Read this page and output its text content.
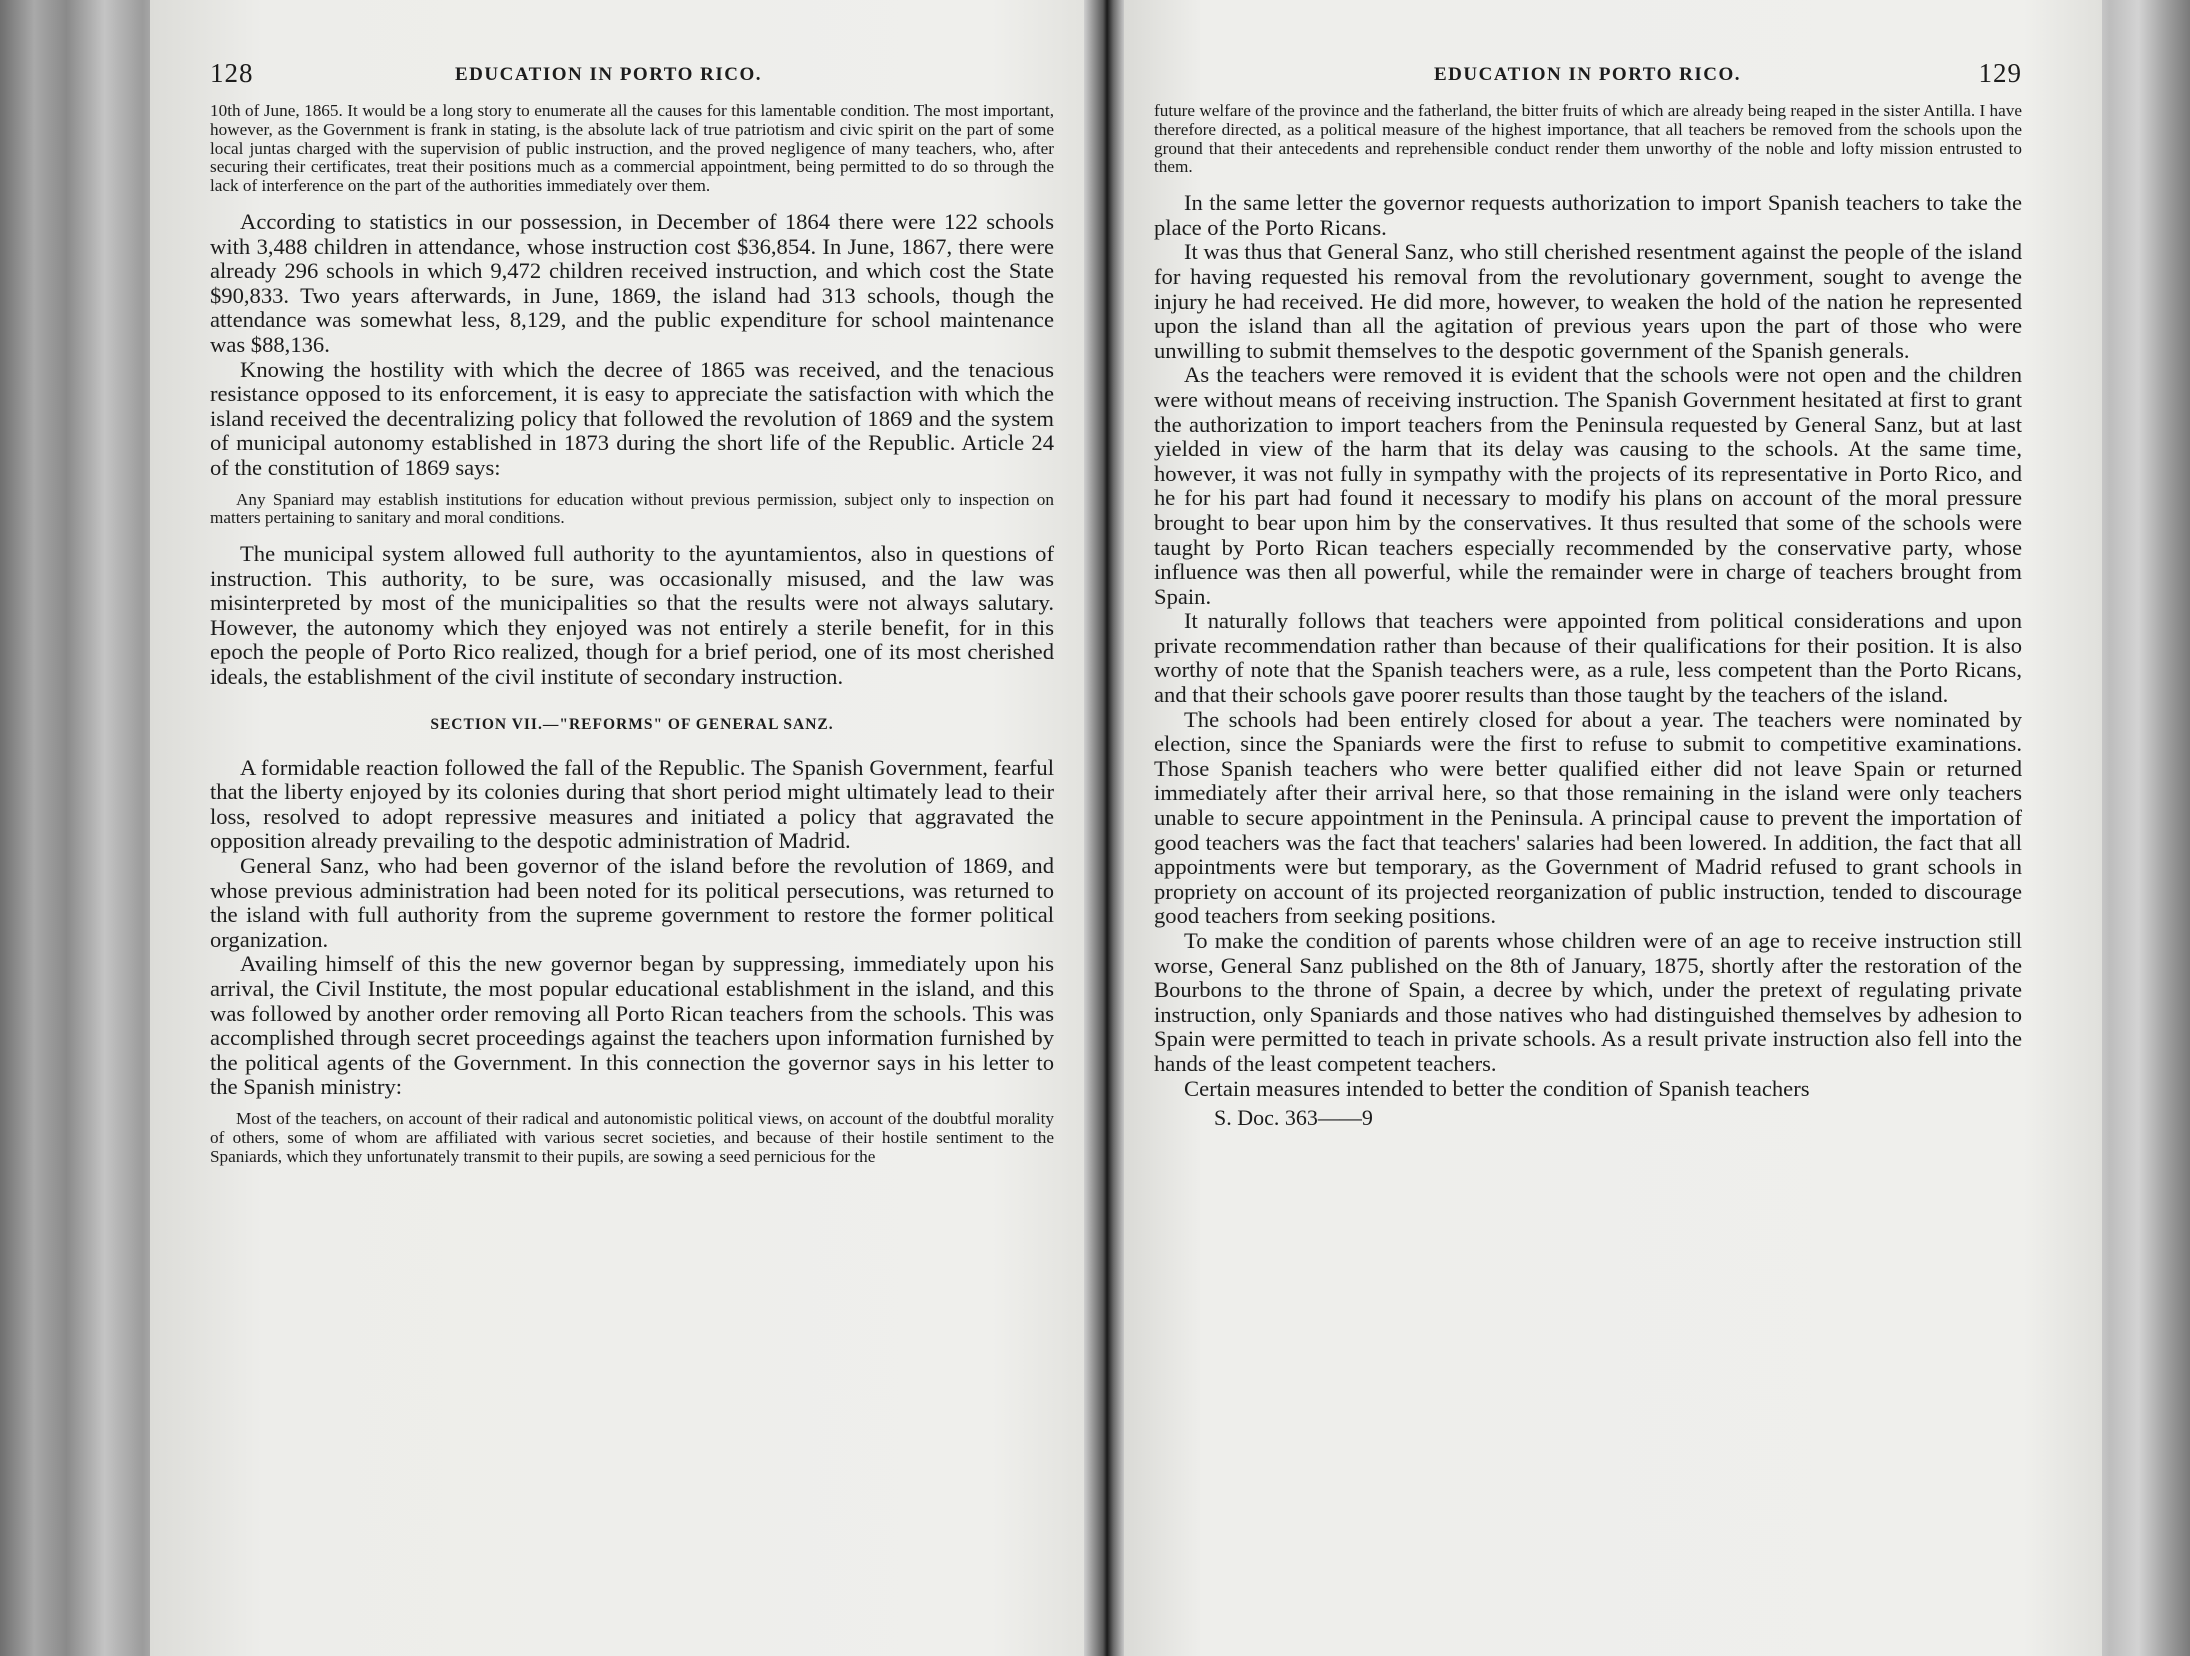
128	EDUCATION IN PORTO RICO.

10th of June, 1865. It would be a long story to enumerate all the causes for this lamentable condition. The most important, however, as the Government is frank in stating, is the absolute lack of true patriotism and civic spirit on the part of some local juntas charged with the supervision of public instruction, and the proved negligence of many teachers, who, after securing their certificates, treat their positions much as a commercial appointment, being permitted to do so through the lack of interference on the part of the authorities immediately over them.

According to statistics in our possession, in December of 1864 there were 122 schools with 3,488 children in attendance, whose instruction cost $36,854. In June, 1867, there were already 296 schools in which 9,472 children received instruction, and which cost the State $90,833. Two years afterwards, in June, 1869, the island had 313 schools, though the attendance was somewhat less, 8,129, and the public expenditure for school maintenance was $88,136.

Knowing the hostility with which the decree of 1865 was received, and the tenacious resistance opposed to its enforcement, it is easy to appreciate the satisfaction with which the island received the decentralizing policy that followed the revolution of 1869 and the system of municipal autonomy established in 1873 during the short life of the Republic. Article 24 of the constitution of 1869 says:

Any Spaniard may establish institutions for education without previous permission, subject only to inspection on matters pertaining to sanitary and moral conditions.

The municipal system allowed full authority to the ayuntamientos, also in questions of instruction. This authority, to be sure, was occasionally misused, and the law was misinterpreted by most of the municipalities so that the results were not always salutary. However, the autonomy which they enjoyed was not entirely a sterile benefit, for in this epoch the people of Porto Rico realized, though for a brief period, one of its most cherished ideals, the establishment of the civil institute of secondary instruction.

SECTION VII.—"REFORMS" OF GENERAL SANZ.

A formidable reaction followed the fall of the Republic. The Spanish Government, fearful that the liberty enjoyed by its colonies during that short period might ultimately lead to their loss, resolved to adopt repressive measures and initiated a policy that aggravated the opposition already prevailing to the despotic administration of Madrid.

General Sanz, who had been governor of the island before the revolution of 1869, and whose previous administration had been noted for its political persecutions, was returned to the island with full authority from the supreme government to restore the former political organization.

Availing himself of this the new governor began by suppressing, immediately upon his arrival, the Civil Institute, the most popular educational establishment in the island, and this was followed by another order removing all Porto Rican teachers from the schools. This was accomplished through secret proceedings against the teachers upon information furnished by the political agents of the Government. In this connection the governor says in his letter to the Spanish ministry:

Most of the teachers, on account of their radical and autonomistic political views, on account of the doubtful morality of others, some of whom are affiliated with various secret societies, and because of their hostile sentiment to the Spaniards, which they unfortunately transmit to their pupils, are sowing a seed pernicious for the

EDUCATION IN PORTO RICO.	129

future welfare of the province and the fatherland, the bitter fruits of which are already being reaped in the sister Antilla. I have therefore directed, as a political measure of the highest importance, that all teachers be removed from the schools upon the ground that their antecedents and reprehensible conduct render them unworthy of the noble and lofty mission entrusted to them.

In the same letter the governor requests authorization to import Spanish teachers to take the place of the Porto Ricans.

It was thus that General Sanz, who still cherished resentment against the people of the island for having requested his removal from the revolutionary government, sought to avenge the injury he had received. He did more, however, to weaken the hold of the nation he represented upon the island than all the agitation of previous years upon the part of those who were unwilling to submit themselves to the despotic government of the Spanish generals.

As the teachers were removed it is evident that the schools were not open and the children were without means of receiving instruction. The Spanish Government hesitated at first to grant the authorization to import teachers from the Peninsula requested by General Sanz, but at last yielded in view of the harm that its delay was causing to the schools. At the same time, however, it was not fully in sympathy with the projects of its representative in Porto Rico, and he for his part had found it necessary to modify his plans on account of the moral pressure brought to bear upon him by the conservatives. It thus resulted that some of the schools were taught by Porto Rican teachers especially recommended by the conservative party, whose influence was then all powerful, while the remainder were in charge of teachers brought from Spain.

It naturally follows that teachers were appointed from political considerations and upon private recommendation rather than because of their qualifications for their position. It is also worthy of note that the Spanish teachers were, as a rule, less competent than the Porto Ricans, and that their schools gave poorer results than those taught by the teachers of the island.

The schools had been entirely closed for about a year. The teachers were nominated by election, since the Spaniards were the first to refuse to submit to competitive examinations. Those Spanish teachers who were better qualified either did not leave Spain or returned immediately after their arrival here, so that those remaining in the island were only teachers unable to secure appointment in the Peninsula. A principal cause to prevent the importation of good teachers was the fact that teachers' salaries had been lowered. In addition, the fact that all appointments were but temporary, as the Government of Madrid refused to grant schools in propriety on account of its projected reorganization of public instruction, tended to discourage good teachers from seeking positions.

To make the condition of parents whose children were of an age to receive instruction still worse, General Sanz published on the 8th of January, 1875, shortly after the restoration of the Bourbons to the throne of Spain, a decree by which, under the pretext of regulating private instruction, only Spaniards and those natives who had distinguished themselves by adhesion to Spain were permitted to teach in private schools. As a result private instruction also fell into the hands of the least competent teachers.

Certain measures intended to better the condition of Spanish teachers

S. Doc. 363——9
